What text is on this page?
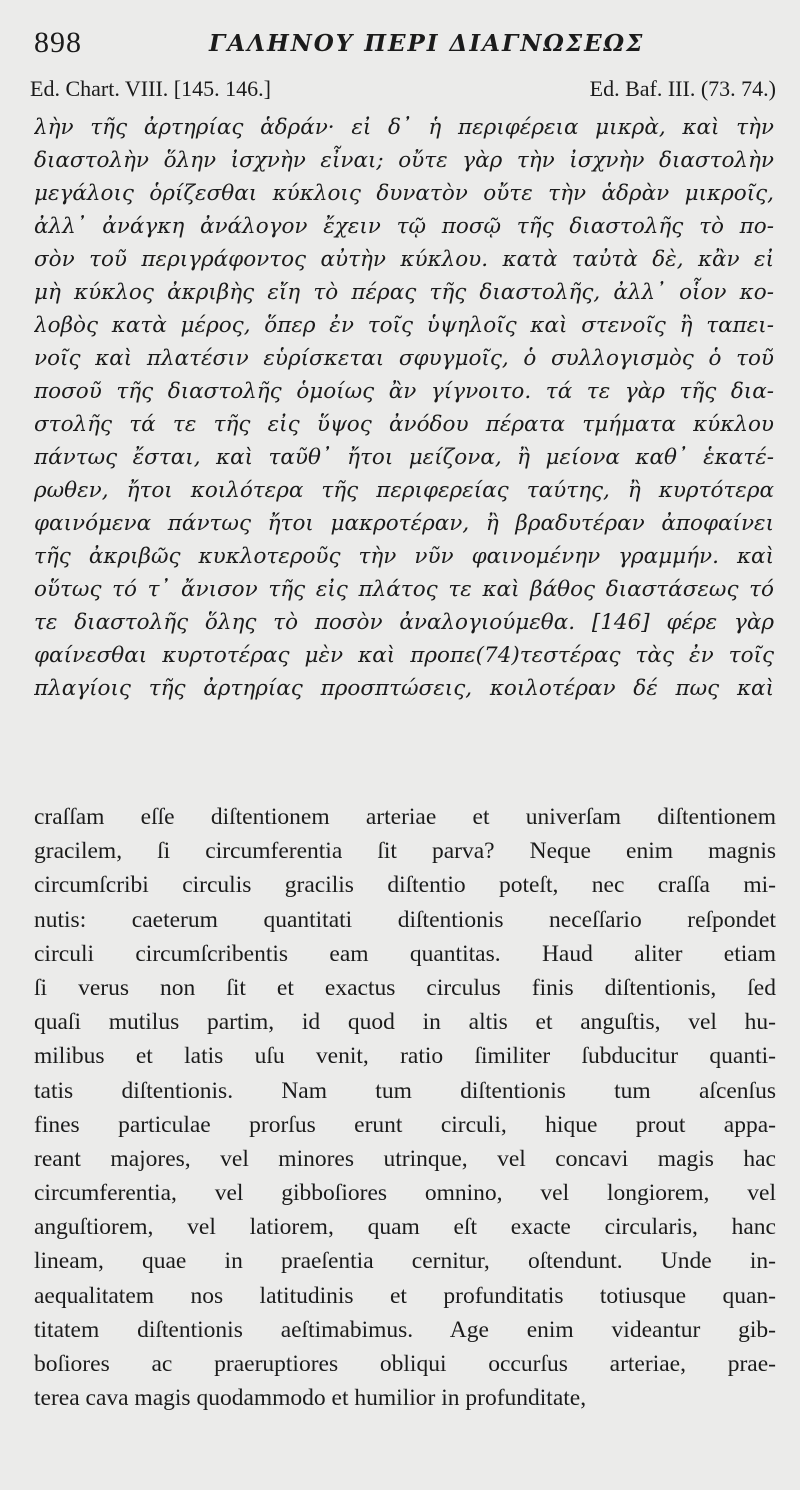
898	ΓΑΛΗΝΟΥ ΠΕΡΙ ΔΙΑΓΝΩΣΕΩΣ
Ed. Chart. VIII. [145. 146.]	Ed. Baf. III. (73. 74.)
λὴν τῆς ἀρτηρίας ἁδράν· εἰ δ᾽ ἡ περιφέρεια μικρὰ, καὶ τὴν
διαστολὴν ὅλην ἰσχνὴν εἶναι; οὔτε γὰρ τὴν ἰσχνὴν διαστολὴν
μεγάλοις ὁρίζεσθαι κύκλοις δυνατὸν οὔτε τὴν ἁδρὰν μικροῖς,
ἀλλ᾽ ἀνάγκη ἀνάλογον ἔχειν τῷ ποσῷ τῆς διαστολῆς τὸ πο-
σὸν τοῦ περιγράφοντος αὐτὴν κύκλου. κατὰ ταὐτὰ δὲ, κἂν εἰ
μὴ κύκλος ἀκριβὴς εἴη τὸ πέρας τῆς διαστολῆς, ἀλλ᾽ οἷον κο-
λοβὸς κατὰ μέρος, ὅπερ ἐν τοῖς ὑψηλοῖς καὶ στενοῖς ἢ ταπει-
νοῖς καὶ πλατέσιν εὑρίσκεται σφυγμοῖς, ὁ συλλογισμὸς ὁ τοῦ
ποσοῦ τῆς διαστολῆς ὁμοίως ἂν γίγνοιτο. τά τε γὰρ τῆς δια-
στολῆς τά τε τῆς εἰς ὕψος ἀνόδου πέρατα τμήματα κύκλου
πάντως ἔσται, καὶ ταῦθ᾽ ἤτοι μείζονα, ἢ μείονα καθ᾽ ἑκατέ-
ρωθεν, ἤτοι κοιλότερα τῆς περιφερείας ταύτης, ἢ κυρτότερα
φαινόμενα πάντως ἤτοι μακροτέραν, ἢ βραδυτέραν ἀποφαίνει
τῆς ἀκριβῶς κυκλοτεροῦς τὴν νῦν φαινομένην γραμμήν. καὶ
οὕτως τό τ᾽ ἄνισον τῆς εἰς πλάτος τε καὶ βάθος διαστάσεως τό
τε διαστολῆς ὅλης τὸ ποσὸν ἀναλογιούμεθα. [146] φέρε γὰρ
φαίνεσθαι κυρτοτέρας μὲν καὶ προπε(74)τεστέρας τὰς ἐν τοῖς
πλαγίοις τῆς ἀρτηρίας προσπτώσεις, κοιλοτέραν δέ πως καὶ
craſſam eſſe diſtentionem arteriae et univerſam diſtentionem
gracilem, ſi circumferentia ſit parva? Neque enim magnis
circumſcribi circulis gracilis diſtentio poteſt, nec craſſa mi-
nutis: caeterum quantitati diſtentionis neceſſario reſpondet
circuli circumſcribentis eam quantitas. Haud aliter etiam
ſi verus non ſit et exactus circulus finis diſtentionis, ſed
quaſi mutilus partim, id quod in altis et anguſtis, vel hu-
milibus et latis uſu venit, ratio ſimiliter ſubducitur quanti-
tatis diſtentionis. Nam tum diſtentionis tum aſcenſus
fines particulae prorſus erunt circuli, hique prout appa-
reant majores, vel minores utrinque, vel concavi magis hac
circumferentia, vel gibboſiores omnino, vel longiorem, vel
anguſtiorem, vel latiorem, quam eſt exacte circularis, hanc
lineam, quae in praeſentia cernitur, oſtendunt. Unde in-
aequalitatem nos latitudinis et profunditatis totiusque quan-
titatem diſtentionis aeſtimabimus. Age enim videantur gib-
boſiores ac praeruptiores obliqui occurſus arteriae, prae-
terea cava magis quodammodo et humilior in profunditate,
